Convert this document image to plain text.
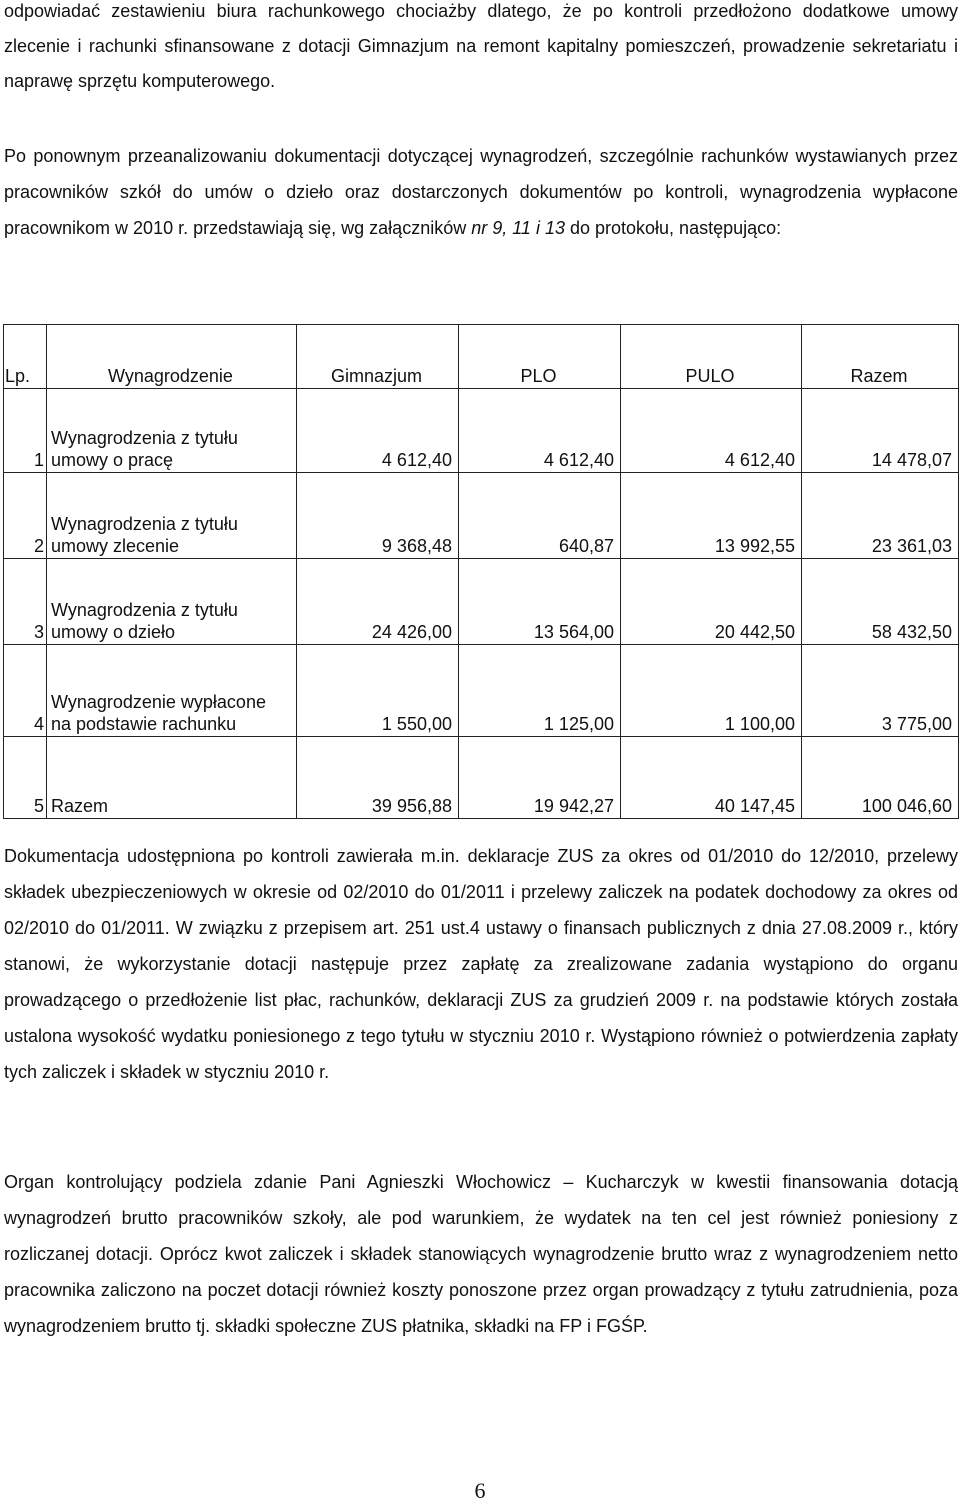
odpowiadać zestawieniu biura rachunkowego chociażby dlatego, że po kontroli przedłożono dodatkowe umowy zlecenie i rachunki sfinansowane z dotacji Gimnazjum na remont kapitalny pomieszczeń, prowadzenie sekretariatu i naprawę sprzętu komputerowego.

Po ponownym przeanalizowaniu dokumentacji dotyczącej wynagrodzeń, szczególnie rachunków wystawianych przez pracowników szkół do umów o dzieło oraz dostarczonych dokumentów po kontroli, wynagrodzenia wypłacone pracownikom w 2010 r. przedstawiają się, wg załączników nr 9, 11 i 13 do protokołu, następująco:

Lp.	Wynagrodzenie	Gimnazjum	PLO	PULO	Razem
1	Wynagrodzenia z tytułu umowy o pracę	4 612,40	4 612,40	4 612,40	14 478,07
2	Wynagrodzenia z tytułu umowy zlecenie	9 368,48	640,87	13 992,55	23 361,03
3	Wynagrodzenia z tytułu umowy o dzieło	24 426,00	13 564,00	20 442,50	58 432,50
4	Wynagrodzenie wypłacone na podstawie rachunku	1 550,00	1 125,00	1 100,00	3 775,00
5	Razem	39 956,88	19 942,27	40 147,45	100 046,60

Dokumentacja udostępniona po kontroli zawierała m.in. deklaracje ZUS za okres od 01/2010 do 12/2010, przelewy składek ubezpieczeniowych w okresie od 02/2010 do 01/2011 i przelewy zaliczek na podatek dochodowy za okres od 02/2010 do 01/2011. W związku z przepisem art. 251 ust.4 ustawy o finansach publicznych z dnia 27.08.2009 r., który stanowi, że wykorzystanie dotacji następuje przez zapłatę za zrealizowane zadania wystąpiono do organu prowadzącego o przedłożenie list płac, rachunków, deklaracji ZUS za grudzień 2009 r. na podstawie których została ustalona wysokość wydatku poniesionego z tego tytułu w styczniu 2010 r. Wystąpiono również o potwierdzenia zapłaty tych zaliczek i składek w styczniu 2010 r.

Organ kontrolujący podziela zdanie Pani Agnieszki Włochowicz – Kucharczyk w kwestii finansowania dotacją wynagrodzeń brutto pracowników szkoły, ale pod warunkiem, że wydatek na ten cel jest również poniesiony z rozliczanej dotacji. Oprócz kwot zaliczek i składek stanowiących wynagrodzenie brutto wraz z wynagrodzeniem netto pracownika zaliczono na poczet dotacji również koszty ponoszone przez organ prowadzący z tytułu zatrudnienia, poza wynagrodzeniem brutto tj. składki społeczne ZUS płatnika, składki na FP i FGŚP.

6
